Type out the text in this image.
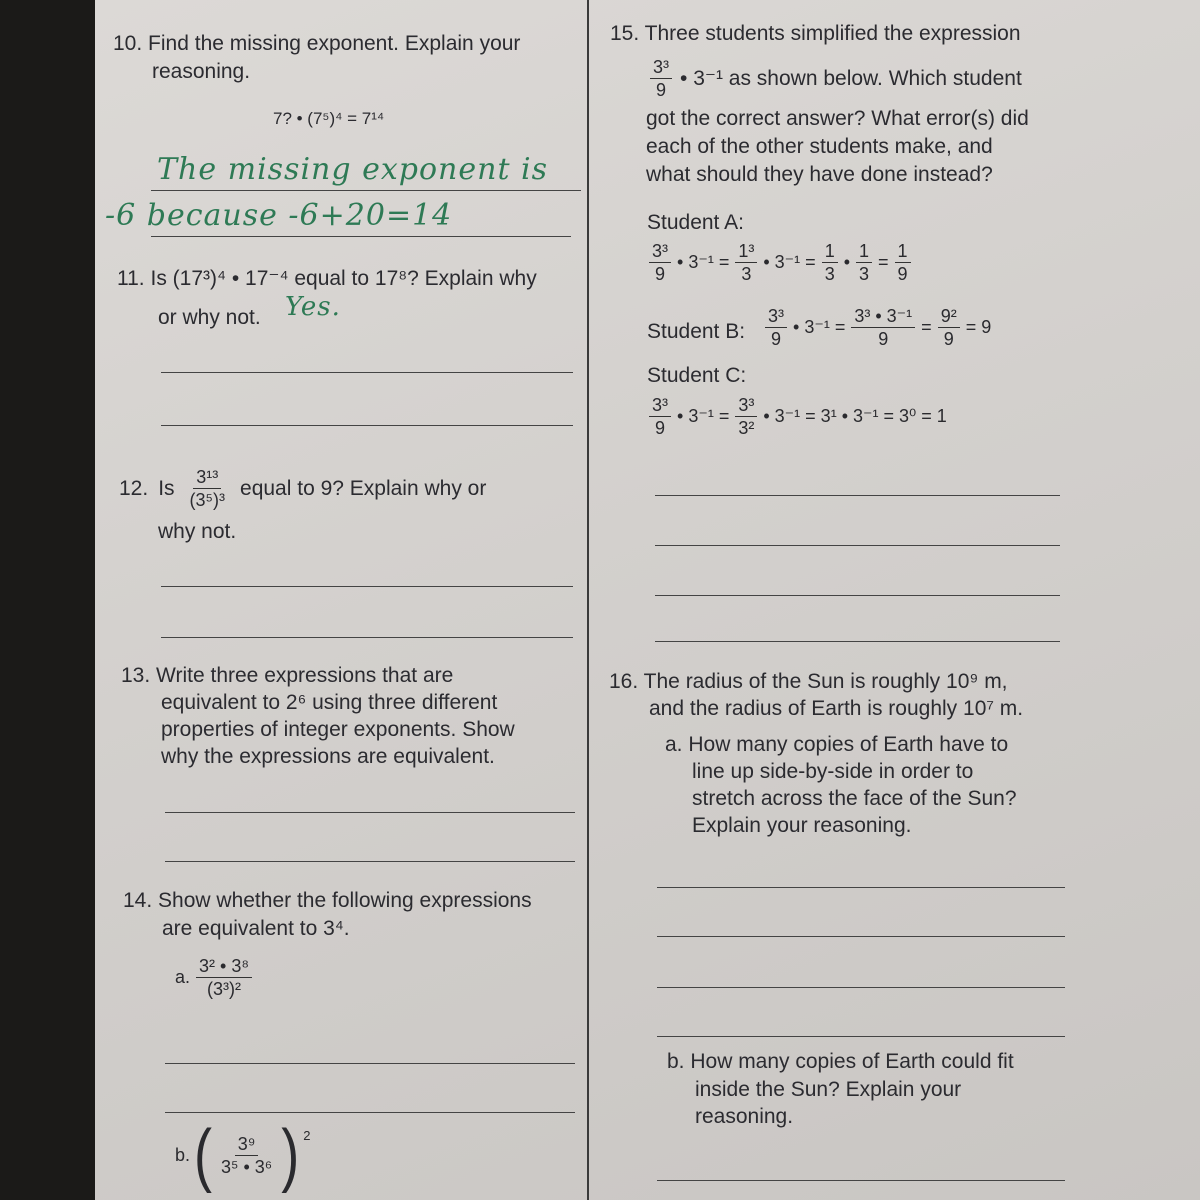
10. Find the missing exponent. Explain your
reasoning.
7? • (7⁵)⁴ = 7¹⁴
The missing exponent is
-6 because -6+20=14
11. Is (17³)⁴ • 17⁻⁴ equal to 17⁸? Explain why
or why not. Yes.
12. Is $\frac{\text{3¹³}}{\text{(3⁵)³}}$ equal to 9? Explain why or
why not.
13. Write three expressions that are
equivalent to 2⁶ using three different
properties of integer exponents. Show
why the expressions are equivalent.
14. Show whether the following expressions
are equivalent to 3⁴.
a. $\frac{\text{3² • 3⁸}}{\text{(3³)²}}$
b. ( $\frac{\text{3⁹}}{\text{3⁵ • 3⁶}}$ ) 2
15. Three students simplified the expression
$\frac{\text{3³}}{9}$ • 3⁻¹ as shown below. Which student
got the correct answer? What error(s) did
each of the other students make, and
what should they have done instead?
Student A:
$\frac{\text{3³}}{9}$ • $3^{-1} = \frac{\text{1³}}{3}$ • $3^{-1} = \frac{1}{3}$ • $\frac{1}{3} = \frac{1}{9}$
Student B: $\frac{\text{3³}}{9}$ • $3^{-1} = \frac{\text{3³ • 3⁻¹}}{9} = \frac{\text{9²}}{9} = 9$
Student C:
$\frac{\text{3³}}{9}$ • $3^{-1} = \frac{\text{3³}}{\text{3²}}$ • 3⁻¹ = 3¹ • 3⁻¹ = 3⁰ = 1
16. The radius of the Sun is roughly 10⁹ m,
and the radius of Earth is roughly 10⁷ m.
a. How many copies of Earth have to
line up side-by-side in order to
stretch across the face of the Sun?
Explain your reasoning.
b. How many copies of Earth could fit
inside the Sun? Explain your
reasoning.
